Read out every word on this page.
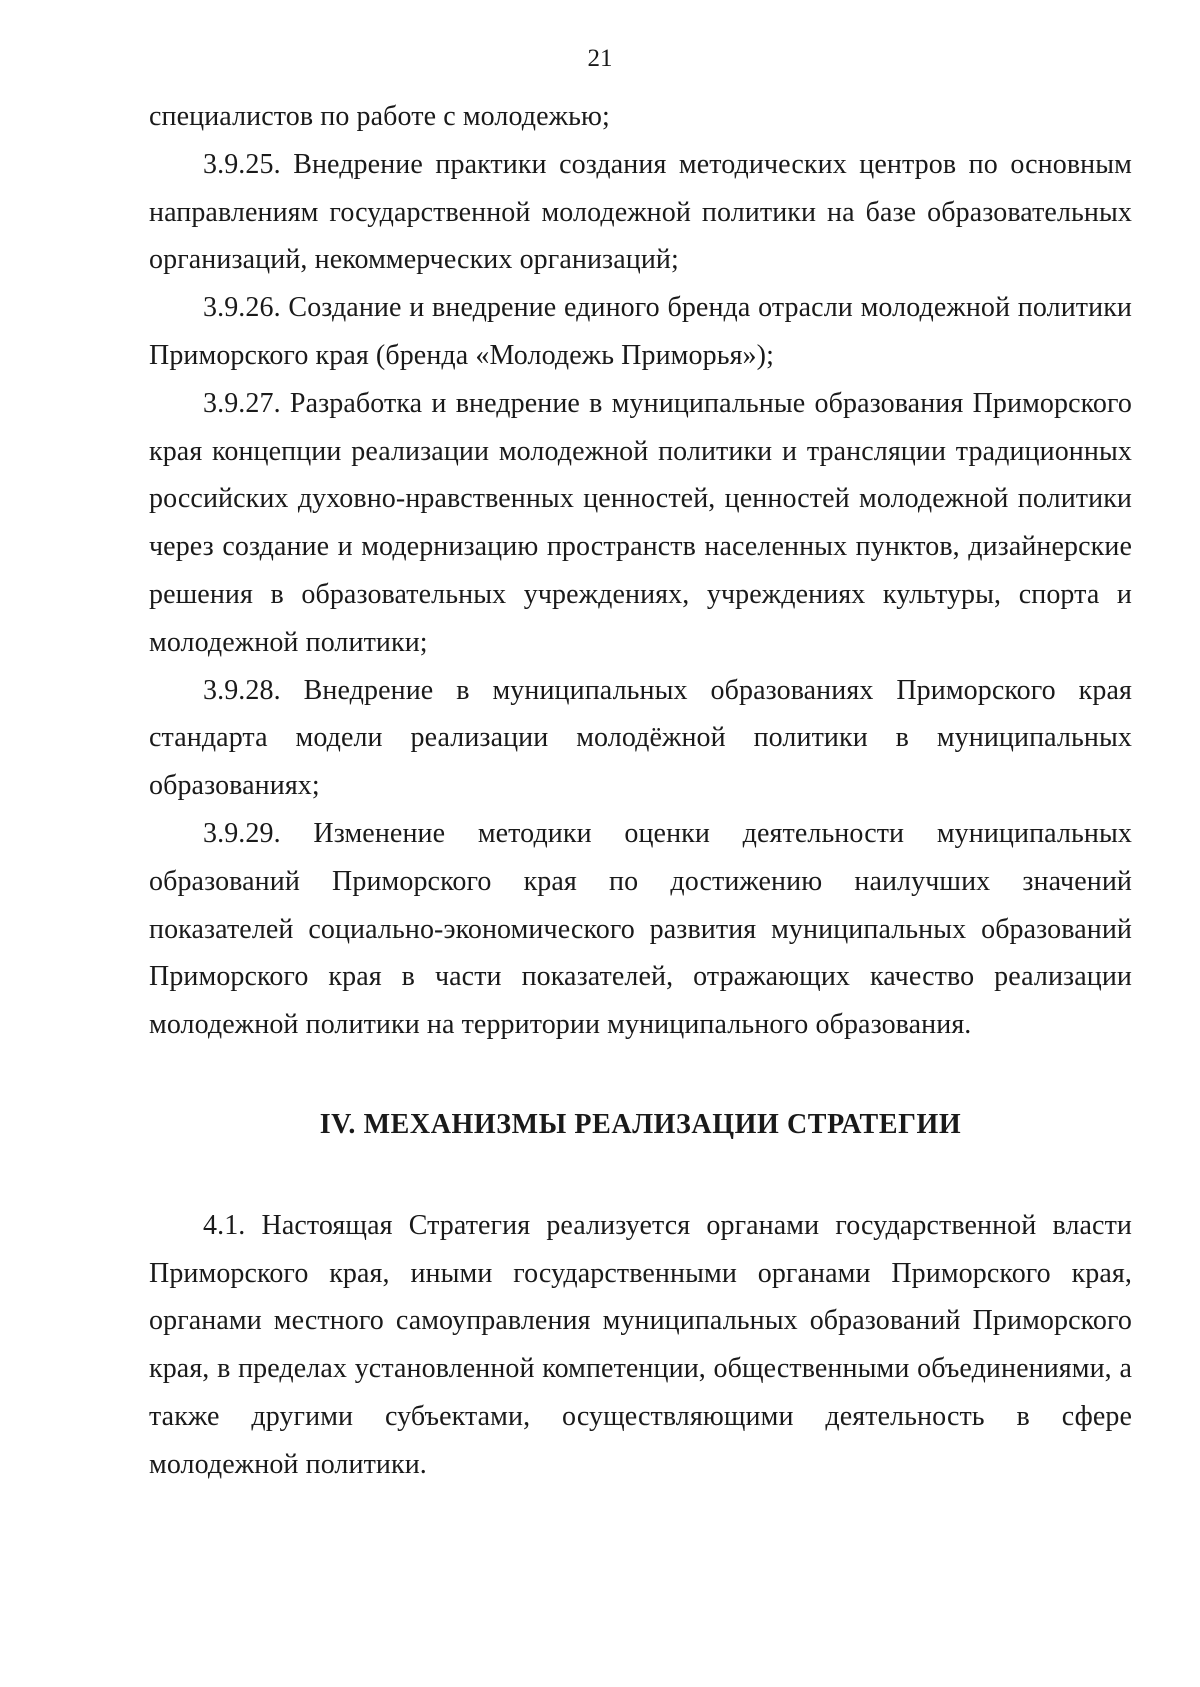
21

специалистов по работе с молодежью;

3.9.25. Внедрение практики создания методических центров по основным направлениям государственной молодежной политики на базе образовательных организаций, некоммерческих организаций;

3.9.26. Создание и внедрение единого бренда отрасли молодежной политики Приморского края (бренда «Молодежь Приморья»);

3.9.27. Разработка и внедрение в муниципальные образования Приморского края концепции реализации молодежной политики и трансляции традиционных российских духовно-нравственных ценностей, ценностей молодежной политики через создание и модернизацию пространств населенных пунктов, дизайнерские решения в образовательных учреждениях, учреждениях культуры, спорта и молодежной политики;

3.9.28. Внедрение в муниципальных образованиях Приморского края стандарта модели реализации молодёжной политики в муниципальных образованиях;

3.9.29. Изменение методики оценки деятельности муниципальных образований Приморского края по достижению наилучших значений показателей социально-экономического развития муниципальных образований Приморского края в части показателей, отражающих качество реализации молодежной политики на территории муниципального образования.

IV. МЕХАНИЗМЫ РЕАЛИЗАЦИИ СТРАТЕГИИ

4.1. Настоящая Стратегия реализуется органами государственной власти Приморского края, иными государственными органами Приморского края, органами местного самоуправления муниципальных образований Приморского края, в пределах установленной компетенции, общественными объединениями, а также другими субъектами, осуществляющими деятельность в сфере молодежной политики.
